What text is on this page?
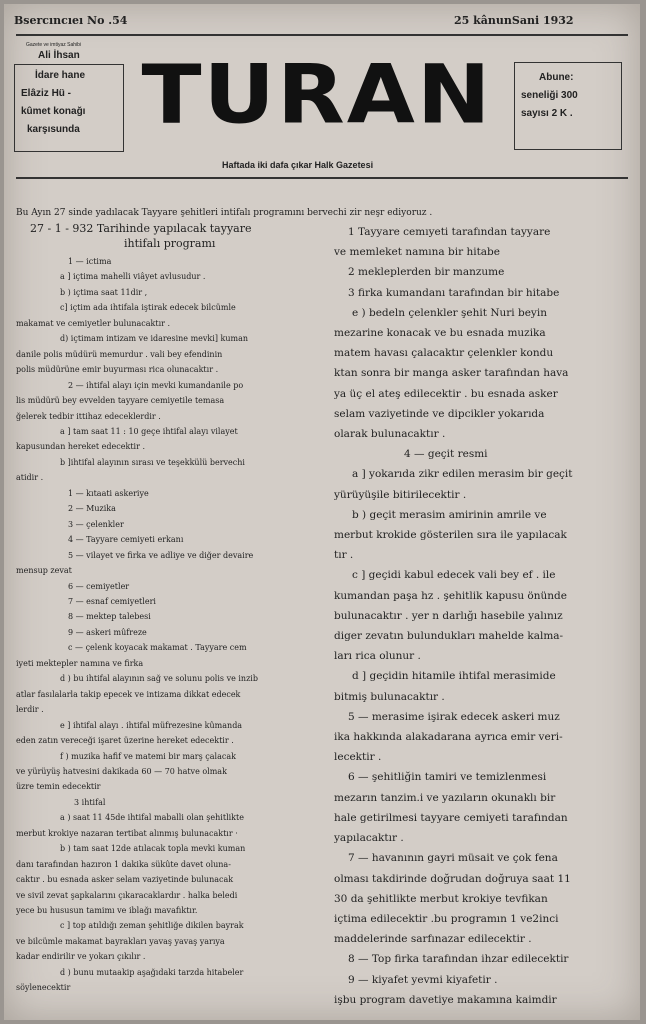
Bsercıncıeı No .54	25 kânunSani 1932
Gazete ve imtiyaz Sahibi
Ali İhsan
İdare hane
Elâziz Hü -
kûmet konağı
karşısunda TURAN	Abune:
seneliği 300
sayısı 2 K .
Haftada iki dafa çıkar Halk Gazetesi
Bu Ayın 27 sinde yadılacak Tayyare şehitleri intifalı programını bervechi zir neşr ediyoruz .
27 - 1 - 932 Tarihinde yapılacak tayyare
ihtifalı programı
1 — ictima
a ] içtima mahelli viâyet avlusudur .
b ) içtima saat 11dir ,
c] içtim ada ihtifala iştirak edecek bilcümle
makamat ve cemiyetler bulunacaktır .
d) içtimam intizam ve idaresine mevki] kuman
danile polis müdürü memurdur . vali bey efendinin
polis müdürüne emir buyurması rica olunacaktır .
2 — ihtifal alayı için mevki kumandanile po
lis müdürü bey evvelden tayyare cemiyetile temasa
ğelerek tedbir ittihaz edeceklerdir .
a ] tam saat 11 : 10 geçe ihtifal alayı vilayet
kapusundan hereket edecektir .
b ]ihtifal alayının sırası ve teşekkülü bervechi
atidir .
1 — kıtaati askeriye
2 — Muzika
3 — çelenkler
4 — Tayyare cemiyeti erkanı
5 — vilayet ve firka ve adliye ve diğer devaire
mensup zevat
6 — cemiyetler
7 — esnaf cemiyetleri
8 — mektep talebesi
9 — askeri mûfreze
c — çelenk koyacak makamat . Tayyare cem
iyeti mektepler namına ve firka
d ) bu ihtifal alayının sağ ve solunu polis ve inzib
atlar fasılalarla takip epecek ve intizama dikkat edecek
lerdir .
e ] ihtifal alayı . ihtifal müfrezesine kûmanda
eden zatın vereceği işaret üzerine hereket edecektir .
f ) muzika hafif ve matemi bir marş çalacak
ve yürüyüş hatvesini dakikada 60 — 70 hatve olmak
üzre temin edecektir
3 ihtifal
a ) saat 11 45de ihtifal maballi olan şehitlikte
merbut krokiye nazaran tertibat alınmış bulunacaktır ·
b ) tam saat 12de atılacak topla mevki kuman
danı tarafından hazıron 1 dakika sükûte davet oluna-
caktır . bu esnada asker selam vaziyetinde bulunacak
ve sivil zevat şapkalarını çıkaracaklardır . halka beledi
yece bu hususun tamimı ve iblağı mavafıktır.
c ] top atıldığı zeman şehitliğe dikilen bayrak
ve bilcümle makamat bayrakları yavaş yavaş yarıya
kadar endirilir ve yokarı çıkılır .
d ) bunu mutaakip aşağıdaki tarzda hitabeler
söylenecektir
1 Tayyare cemıyeti tarafından tayyare
ve memleket namına bir hitabe
2 mekleplerden bir manzume
3 firka kumandanı tarafından bir hitabe
e ) bedeln çelenkler şehit Nuri beyin
mezarine konacak ve bu esnada muzika
matem havası çalacaktır çelenkler kondu
ktan sonra bir manga asker tarafından hava
ya üç el ateş edilecektir . bu esnada asker
selam vaziyetinde ve dipcikler yokarıda
olarak bulunacaktır .
4 — geçit resmi
a ] yokarıda zikr edilen merasim bir geçit
yürüyüşile bitirilecektir .
b ) geçit merasim amirinin amrile ve
merbut krokide gösterilen sıra ile yapılacak
tır .
c ] geçidi kabul edecek vali bey ef . ile
kumandan paşa hz . şehitlik kapusu önünde
bulunacaktır . yer n darlığı hasebile yalınız
diger zevatın bulundukları mahelde kalma-
ları rica olunur .
d ] geçidin hitamile ihtifal merasimide
bitmiş bulunacaktır .
5 — merasime işirak edecek askeri muz
ika hakkında alakadarana ayrıca emir veri-
lecektir .
6 — şehitliğin tamiri ve temizlenmesi
mezarın tanzim.i ve yazıların okunaklı bir
hale getirilmesi tayyare cemiyeti tarafından
yapılacaktır .
7 — havanının gayri müsait ve çok fena
olması takdirinde doğrudan doğruya saat 11
30 da şehitlikte merbut krokiye tevfikan
içtima edilecektir .bu programın 1 ve2inci
maddelerinde sarfınazar edilecektir .
8 — Top firka tarafından ihzar edilecektir
9 — kiyafet yevmi kiyafetir .
işbu program davetiye makamına kaimdir
